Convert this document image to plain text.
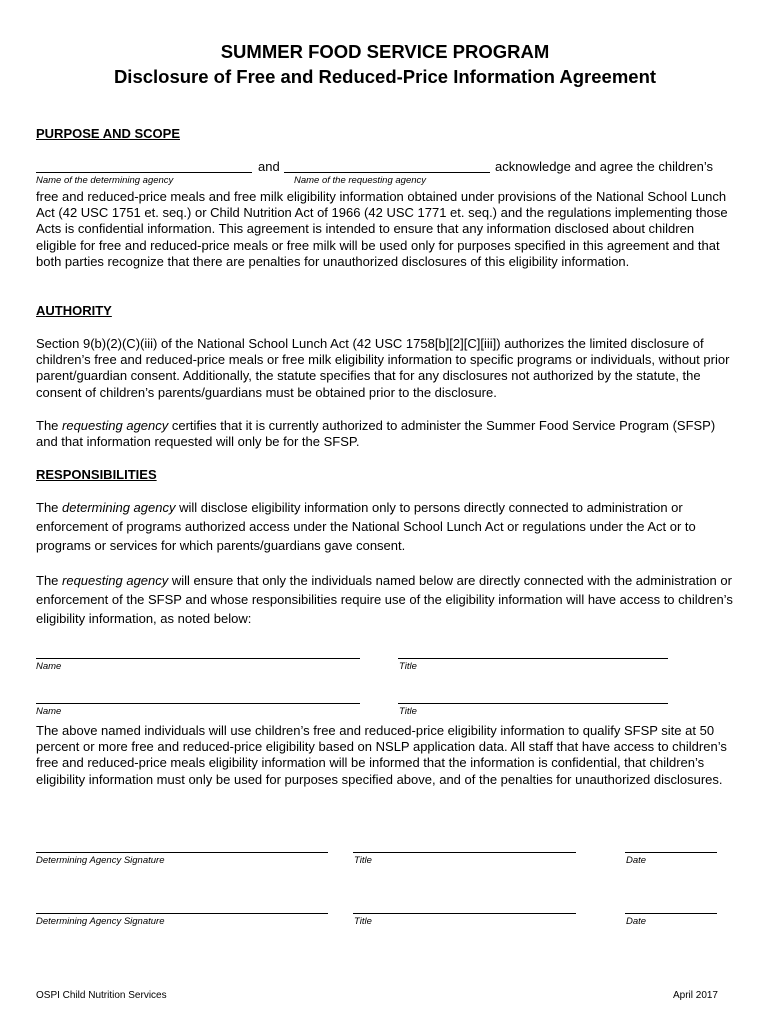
SUMMER FOOD SERVICE PROGRAM
Disclosure of Free and Reduced-Price Information Agreement
PURPOSE AND SCOPE
and	acknowledge and agree the children’s
Name of the determining agency	Name of the requesting agency

free and reduced-price meals and free milk eligibility information obtained under provisions of the National School Lunch Act (42 USC 1751 et. seq.) or Child Nutrition Act of 1966 (42 USC 1771 et. seq.) and the regulations implementing those Acts is confidential information. This agreement is intended to ensure that any information disclosed about children eligible for free and reduced-price meals or free milk will be used only for purposes specified in this agreement and that both parties recognize that there are penalties for unauthorized disclosures of this eligibility information.

AUTHORITY

Section 9(b)(2)(C)(iii) of the National School Lunch Act (42 USC 1758[b][2][C][iii]) authorizes the limited disclosure of children’s free and reduced-price meals or free milk eligibility information to specific programs or individuals, without prior parent/guardian consent. Additionally, the statute specifies that for any disclosures not authorized by the statute, the consent of children’s parents/guardians must be obtained prior to the disclosure.

The requesting agency certifies that it is currently authorized to administer the Summer Food Service Program (SFSP) and that information requested will only be for the SFSP.

RESPONSIBILITIES

The determining agency will disclose eligibility information only to persons directly connected to administration or enforcement of programs authorized access under the National School Lunch Act or regulations under the Act or to programs or services for which parents/guardians gave consent.

The requesting agency will ensure that only the individuals named below are directly connected with the administration or enforcement of the SFSP and whose responsibilities require use of the eligibility information will have access to children’s eligibility information, as noted below:

Name	Title
Name	Title

The above named individuals will use children’s free and reduced-price eligibility information to qualify SFSP site at 50 percent or more free and reduced-price eligibility based on NSLP application data. All staff that have access to children’s free and reduced-price meals eligibility information will be informed that the information is confidential, that children’s eligibility information must only be used for purposes specified above, and of the penalties for unauthorized disclosures.

Determining Agency Signature	Title	Date
Determining Agency Signature	Title	Date
OSPI Child Nutrition Services	April 2017
